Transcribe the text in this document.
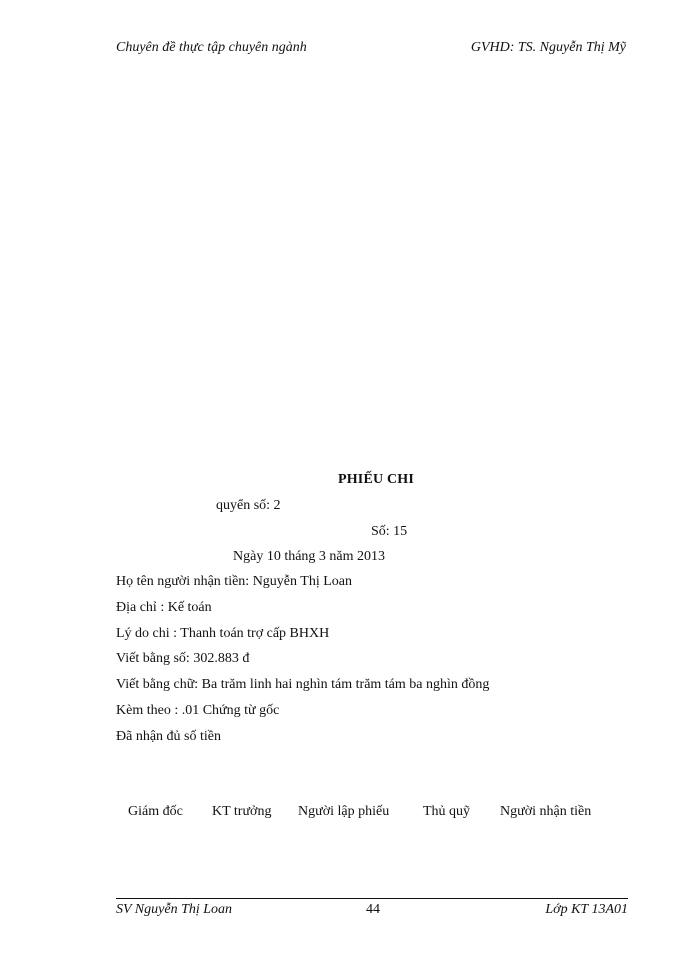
Chuyên đề thực tập chuyên ngành	GVHD: TS. Nguyễn Thị Mỹ
PHIẾU CHI
quyển số: 2
Số: 15
Ngày 10 tháng 3 năm 2013
Họ tên người nhận tiền: Nguyễn Thị Loan
Địa chỉ : Kế toán
Lý do chi : Thanh toán trợ cấp BHXH
Viết bằng số: 302.883 đ
Viết bằng chữ: Ba trăm linh hai nghìn tám trăm tám ba nghìn đồng
Kèm theo : .01 Chứng từ gốc
Đã nhận đủ số tiền
Giám đốc KT trưởng Người lập phiếu Thủ quỹ Người nhận tiền
SV Nguyễn Thị Loan	44	Lớp KT 13A01
